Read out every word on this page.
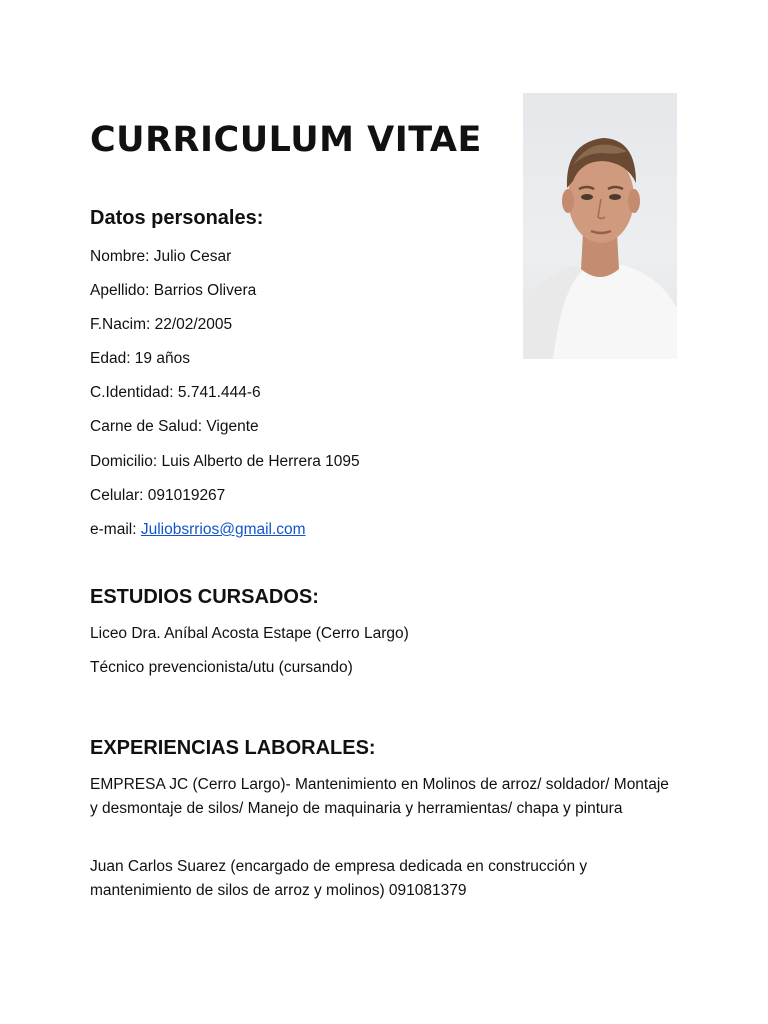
CURRICULUM VITAE
Datos personales:

Nombre: Julio Cesar

Apellido: Barrios Olivera

F.Nacim: 22/02/2005

Edad: 19 años

C.Identidad: 5.741.444-6

Carne de Salud: Vigente

Domicilio: Luis Alberto de Herrera 1095

Celular: 091019267

e-mail: Juliobsrrios@gmail.com

ESTUDIOS CURSADOS:

Liceo Dra. Aníbal Acosta Estape (Cerro Largo)

Técnico prevencionista/utu (cursando)

EXPERIENCIAS LABORALES:

EMPRESA JC (Cerro Largo)- Mantenimiento en Molinos de arroz/ soldador/ Montaje y desmontaje de silos/ Manejo de maquinaria y herramientas/ chapa y pintura

Juan Carlos Suarez (encargado de empresa dedicada en construcción y mantenimiento de silos de arroz y molinos) 091081379
